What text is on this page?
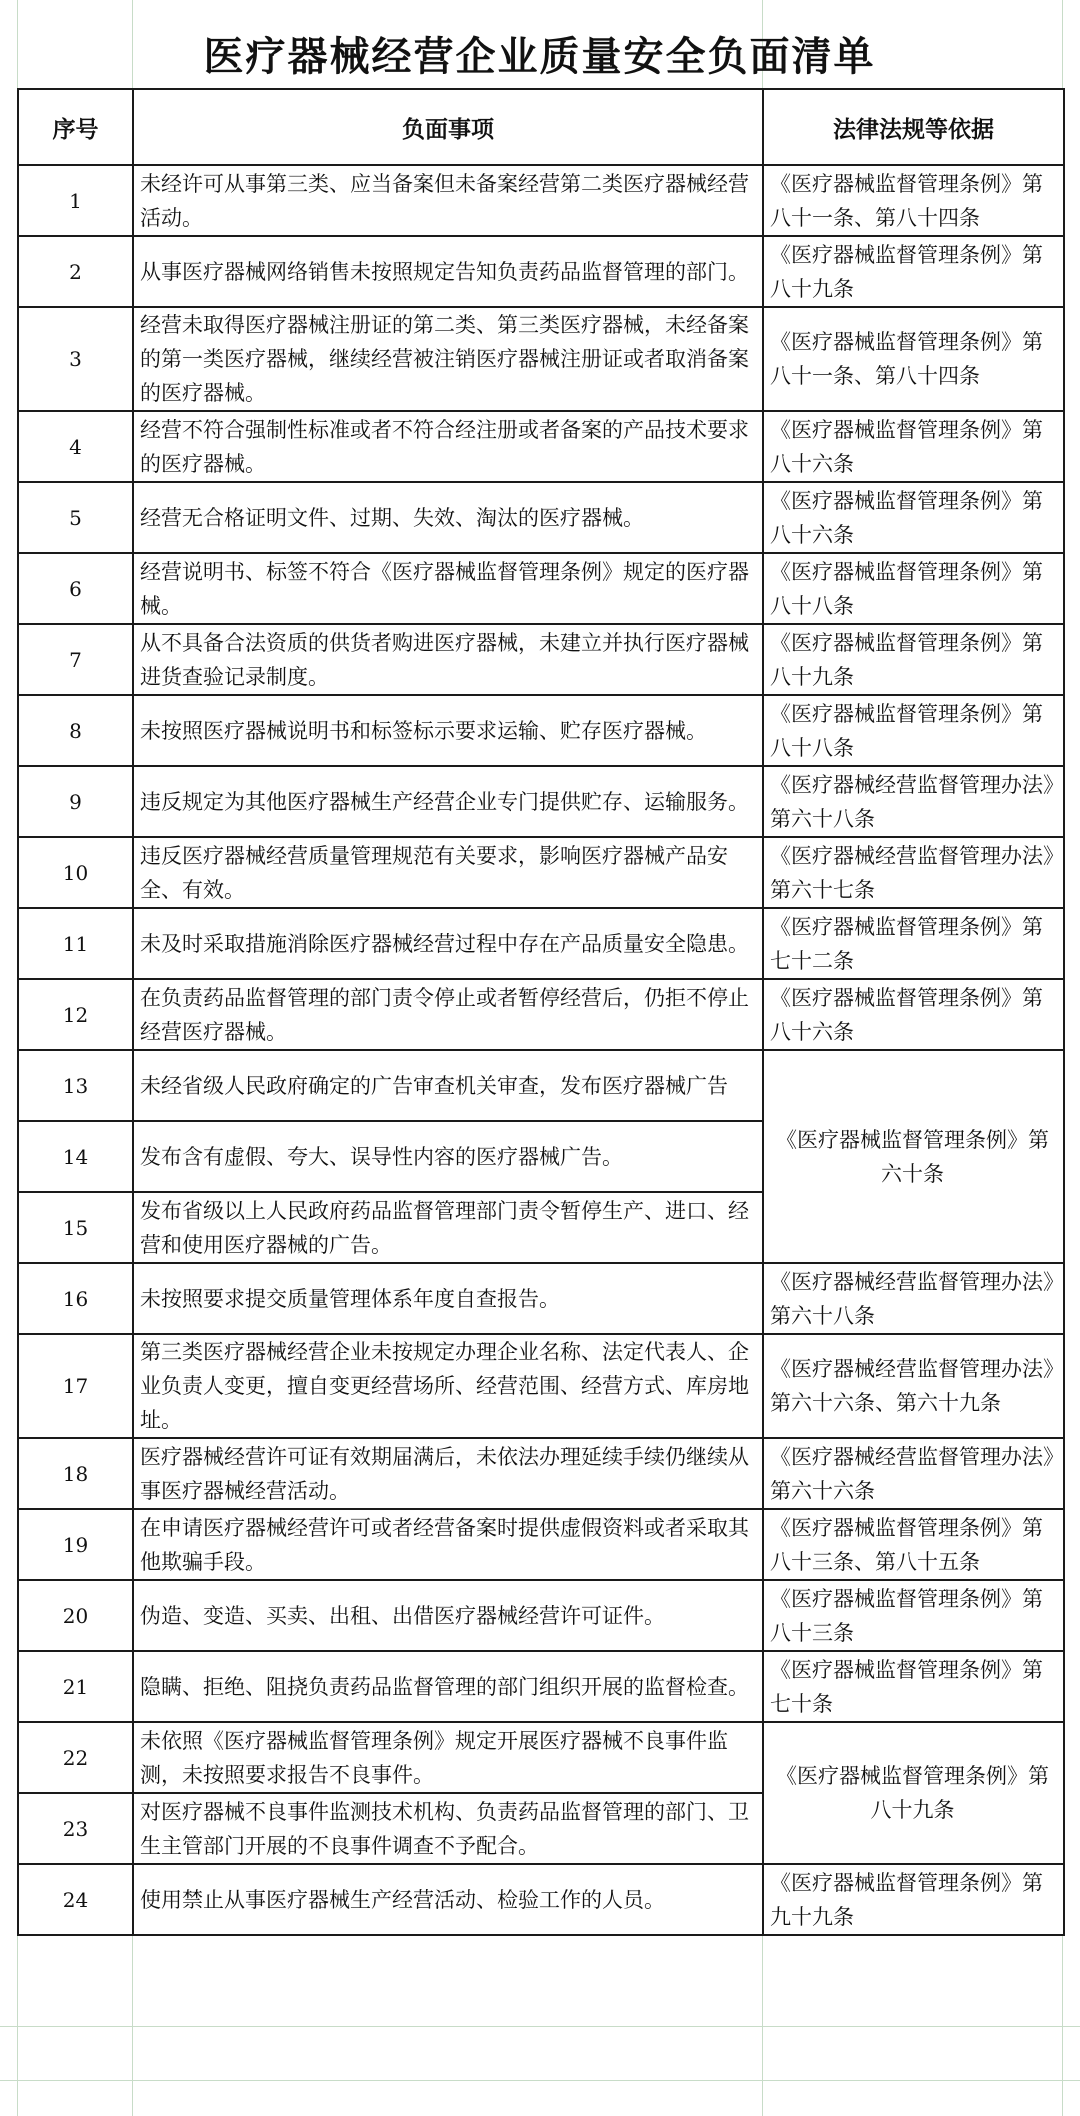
医疗器械经营企业质量安全负面清单
序号	负面事项	法律法规等依据
1	未经许可从事第三类、应当备案但未备案经营第二类医疗器械经营活动。	《医疗器械监督管理条例》第八十一条、第八十四条
2	从事医疗器械网络销售未按照规定告知负责药品监督管理的部门。	《医疗器械监督管理条例》第八十九条
3	经营未取得医疗器械注册证的第二类、第三类医疗器械，未经备案的第一类医疗器械，继续经营被注销医疗器械注册证或者取消备案的医疗器械。	《医疗器械监督管理条例》第八十一条、第八十四条
4	经营不符合强制性标准或者不符合经注册或者备案的产品技术要求的医疗器械。	《医疗器械监督管理条例》第八十六条
5	经营无合格证明文件、过期、失效、淘汰的医疗器械。	《医疗器械监督管理条例》第八十六条
6	经营说明书、标签不符合《医疗器械监督管理条例》规定的医疗器械。	《医疗器械监督管理条例》第八十八条
7	从不具备合法资质的供货者购进医疗器械，未建立并执行医疗器械进货查验记录制度。	《医疗器械监督管理条例》第八十九条
8	未按照医疗器械说明书和标签标示要求运输、贮存医疗器械。	《医疗器械监督管理条例》第八十八条
9	违反规定为其他医疗器械生产经营企业专门提供贮存、运输服务。	《医疗器械经营监督管理办法》第六十八条
10	违反医疗器械经营质量管理规范有关要求，影响医疗器械产品安全、有效。	《医疗器械经营监督管理办法》第六十七条
11	未及时采取措施消除医疗器械经营过程中存在产品质量安全隐患。	《医疗器械监督管理条例》第七十二条
12	在负责药品监督管理的部门责令停止或者暂停经营后，仍拒不停止经营医疗器械。	《医疗器械监督管理条例》第八十六条
13	未经省级人民政府确定的广告审查机关审查，发布医疗器械广告	《医疗器械监督管理条例》第六十条
14	发布含有虚假、夸大、误导性内容的医疗器械广告。	
15	发布省级以上人民政府药品监督管理部门责令暂停生产、进口、经营和使用医疗器械的广告。	
16	未按照要求提交质量管理体系年度自查报告。	《医疗器械经营监督管理办法》第六十八条
17	第三类医疗器械经营企业未按规定办理企业名称、法定代表人、企业负责人变更，擅自变更经营场所、经营范围、经营方式、库房地址。	《医疗器械经营监督管理办法》第六十六条、第六十九条
18	医疗器械经营许可证有效期届满后，未依法办理延续手续仍继续从事医疗器械经营活动。	《医疗器械经营监督管理办法》第六十六条
19	在申请医疗器械经营许可或者经营备案时提供虚假资料或者采取其他欺骗手段。	《医疗器械监督管理条例》第八十三条、第八十五条
20	伪造、变造、买卖、出租、出借医疗器械经营许可证件。	《医疗器械监督管理条例》第八十三条
21	隐瞒、拒绝、阻挠负责药品监督管理的部门组织开展的监督检查。	《医疗器械监督管理条例》第七十条
22	未依照《医疗器械监督管理条例》规定开展医疗器械不良事件监测，未按照要求报告不良事件。	《医疗器械监督管理条例》第八十九条
23	对医疗器械不良事件监测技术机构、负责药品监督管理的部门、卫生主管部门开展的不良事件调查不予配合。	
24	使用禁止从事医疗器械生产经营活动、检验工作的人员。	《医疗器械监督管理条例》第九十九条
